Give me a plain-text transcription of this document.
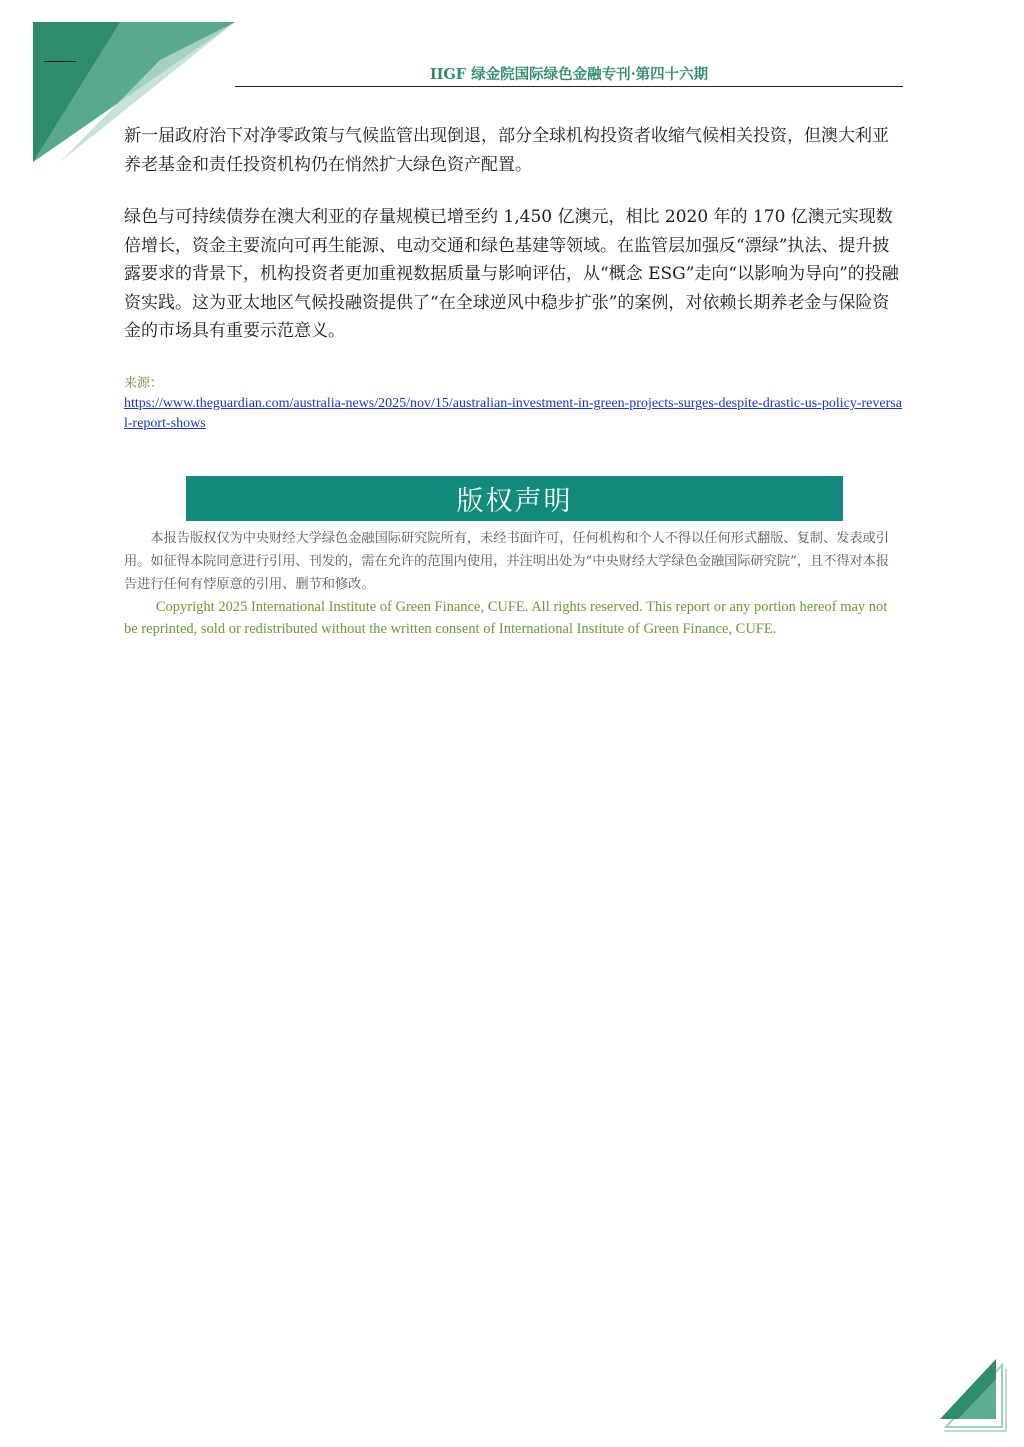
IIGF 绿金院国际绿色金融专刊·第四十六期

新一届政府治下对净零政策与气候监管出现倒退，部分全球机构投资者收缩气候相关投资，但澳大利亚养老基金和责任投资机构仍在悄然扩大绿色资产配置。

绿色与可持续债券在澳大利亚的存量规模已增至约 1,450 亿澳元，相比 2020 年的 170 亿澳元实现数倍增长，资金主要流向可再生能源、电动交通和绿色基建等领域。在监管层加强反“漂绿”执法、提升披露要求的背景下，机构投资者更加重视数据质量与影响评估，从“概念 ESG”走向“以影响为导向”的投融资实践。这为亚太地区气候投融资提供了“在全球逆风中稳步扩张”的案例，对依赖长期养老金与保险资金的市场具有重要示范意义。

来源：
https://www.theguardian.com/australia-news/2025/nov/15/australian-investment-in-green-projects-surges-despite-drastic-us-policy-reversal-report-shows
版权声明

本报告版权仅为中央财经大学绿色金融国际研究院所有，未经书面许可，任何机构和个人不得以任何形式翻版、复制、发表或引用。如征得本院同意进行引用、刊发的，需在允许的范围内使用，并注明出处为“中央财经大学绿色金融国际研究院”，且不得对本报告进行任何有悖原意的引用、删节和修改。

Copyright 2025 International Institute of Green Finance, CUFE. All rights reserved. This report or any portion hereof may not be reprinted, sold or redistributed without the written consent of International Institute of Green Finance, CUFE.
